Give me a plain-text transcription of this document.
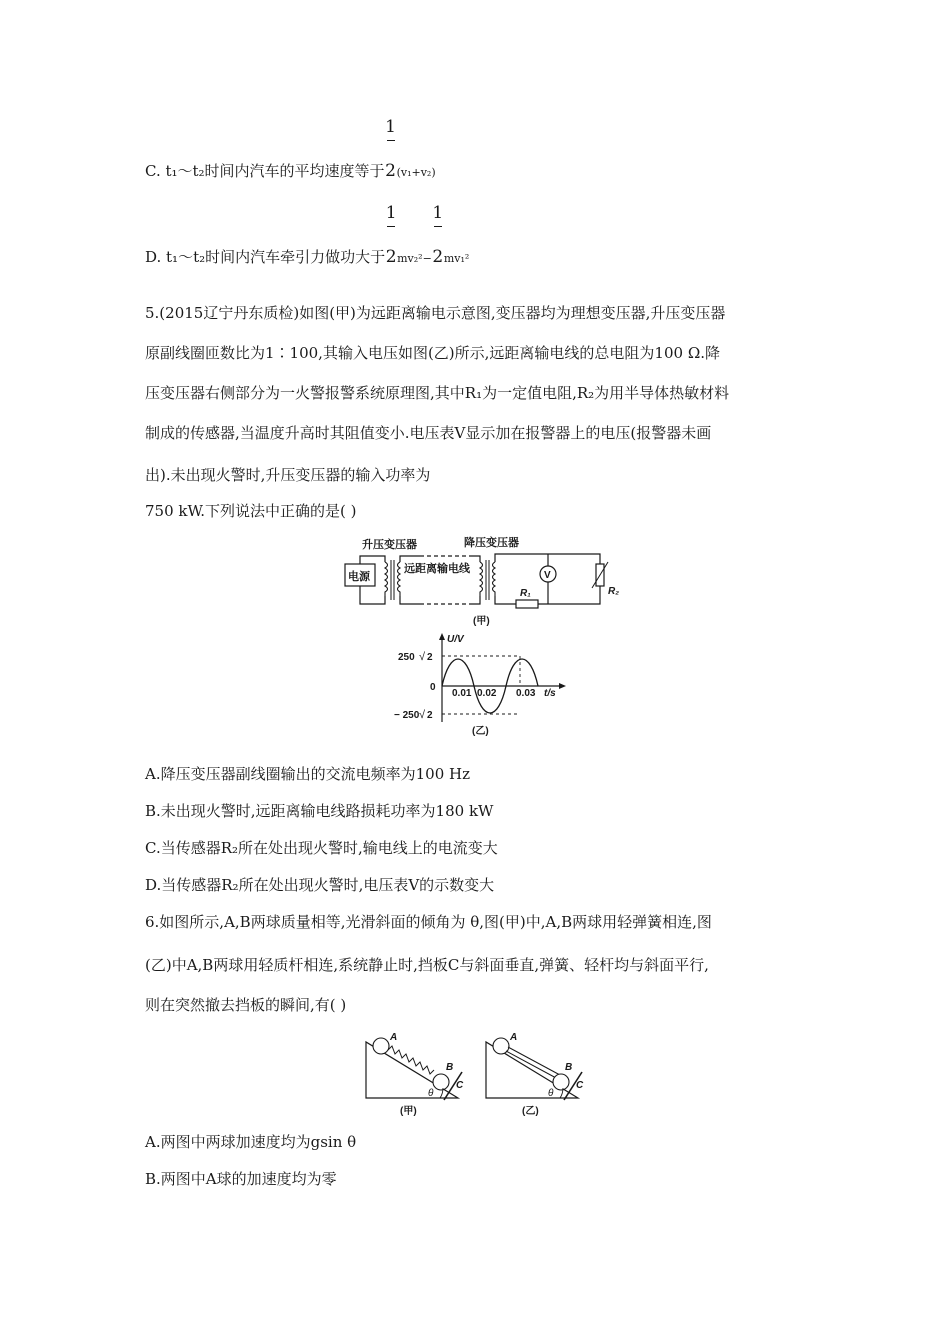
C. t₁～t₂时间内汽车的平均速度等于 $\frac{1}{2}(v_1+v_2)$
D. t₁～t₂时间内汽车牵引力做功大于 $\frac{1}{2}mv_2^2- \frac{1}{2}mv_1^2$
5.(2015辽宁丹东质检)如图(甲)为远距离输电示意图,变压器均为理想变压器,升压变压器
原副线圈匝数比为1∶100,其输入电压如图(乙)所示,远距离输电线的总电阻为100 Ω.降
压变压器右侧部分为一火警报警系统原理图,其中R₁为一定值电阻,R₂为用半导体热敏材料
制成的传感器,当温度升高时其阻值变小.电压表V显示加在报警器上的电压(报警器未画
出).未出现火警时,升压变压器的输入功率为
750 kW.下列说法中正确的是( )
升压变压器	降压变压器
电源
远距离输电线
V
R₁	R₂
(甲)
U/V
t/s
250 √ 2
0
− 250 √ 2
0.01 0.02 0.03
(乙)
A.降压变压器副线圈输出的交流电频率为100 Hz
B.未出现火警时,远距离输电线路损耗功率为180 kW
C.当传感器R₂所在处出现火警时,输电线上的电流变大
D.当传感器R₂所在处出现火警时,电压表V的示数变大
6.如图所示,A,B两球质量相等,光滑斜面的倾角为 θ,图(甲)中,A,B两球用轻弹簧相连,图
(乙)中A,B两球用轻质杆相连,系统静止时,挡板C与斜面垂直,弹簧、轻杆均与斜面平行,
则在突然撤去挡板的瞬间,有( )
A
B
C
θ
(甲)
A
B
C
θ
(乙)
A.两图中两球加速度均为gsin θ
B.两图中A球的加速度均为零
